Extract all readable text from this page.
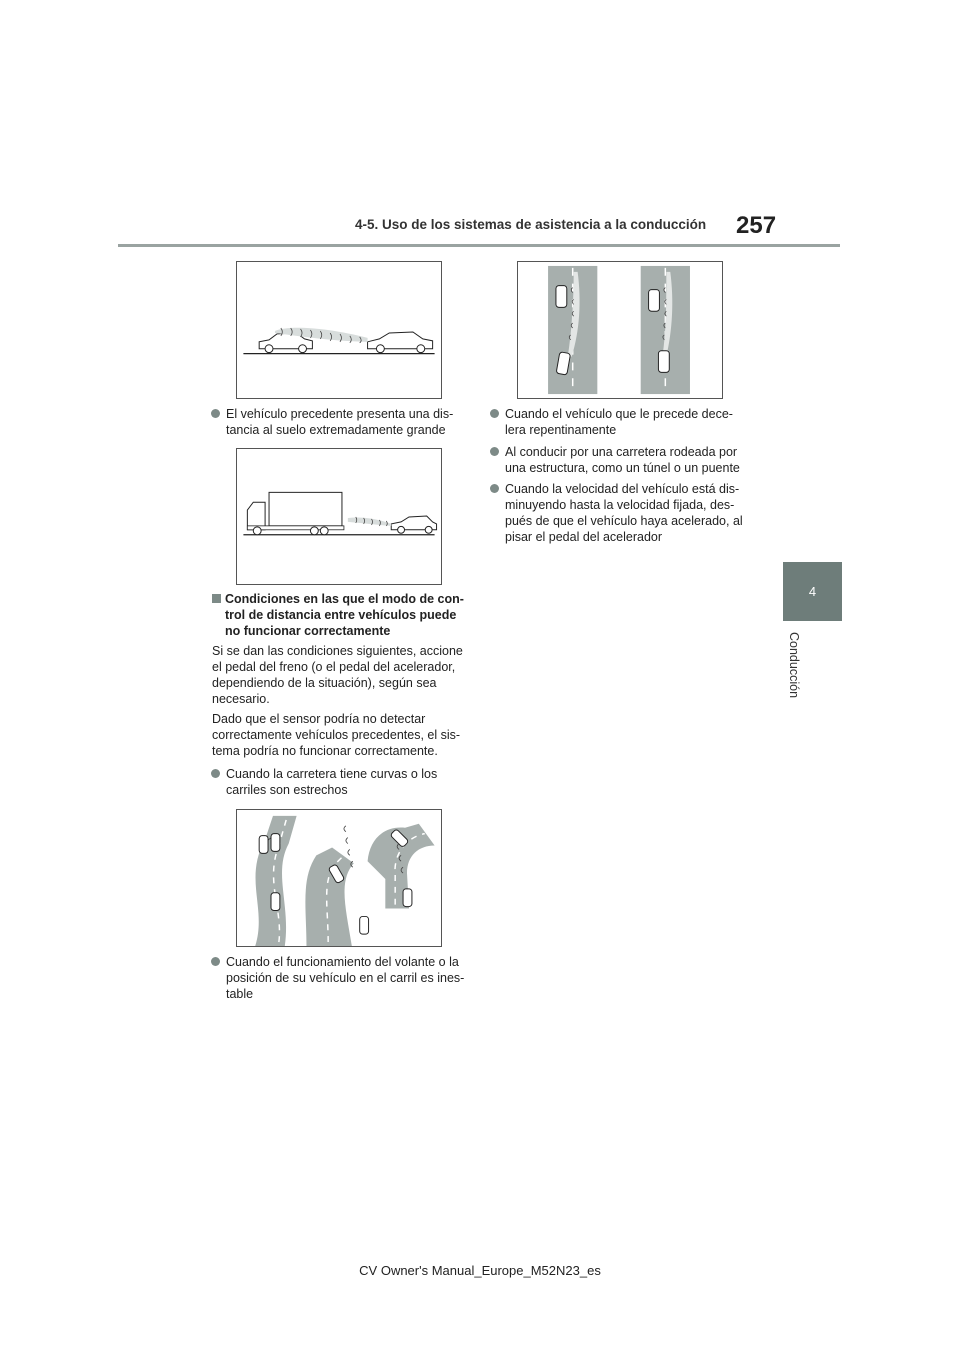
4-5. Uso de los sistemas de asistencia a la conducción 257
4
Conducción
El vehículo precedente presenta una dis-
tancia al suelo extremadamente grande
Condiciones en las que el modo de con-
trol de distancia entre vehículos puede
no funcionar correctamente
Si se dan las condiciones siguientes, accione
el pedal del freno (o el pedal del acelerador,
dependiendo de la situación), según sea
necesario.
Dado que el sensor podría no detectar
correctamente vehículos precedentes, el sis-
tema podría no funcionar correctamente.
Cuando la carretera tiene curvas o los
carriles son estrechos
Cuando el funcionamiento del volante o la
posición de su vehículo en el carril es ines-
table
Cuando el vehículo que le precede dece-
lera repentinamente
Al conducir por una carretera rodeada por
una estructura, como un túnel o un puente
Cuando la velocidad del vehículo está dis-
minuyendo hasta la velocidad fijada, des-
pués de que el vehículo haya acelerado, al
pisar el pedal del acelerador
CV Owner's Manual_Europe_M52N23_es
